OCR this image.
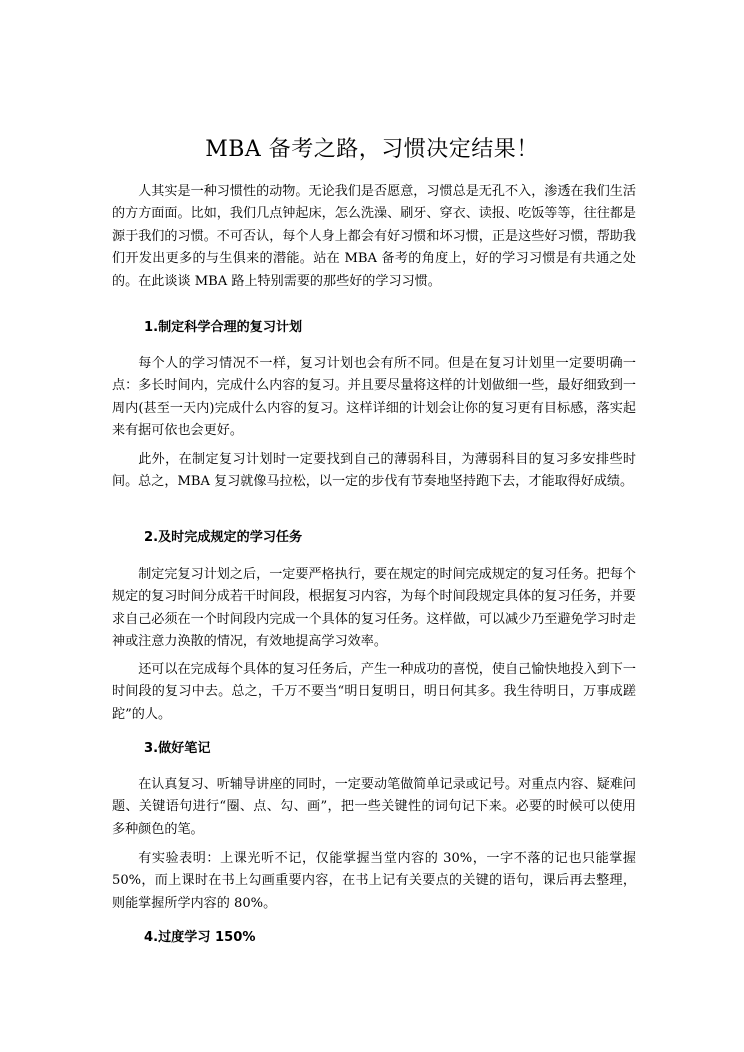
MBA 备考之路，习惯决定结果！

人其实是一种习惯性的动物。无论我们是否愿意，习惯总是无孔不入，渗透在我们生活的方方面面。比如，我们几点钟起床，怎么洗澡、刷牙、穿衣、读报、吃饭等等，往往都是源于我们的习惯。不可否认，每个人身上都会有好习惯和坏习惯，正是这些好习惯，帮助我们开发出更多的与生俱来的潜能。站在 MBA 备考的角度上，好的学习习惯是有共通之处的。在此谈谈 MBA 路上特别需要的那些好的学习习惯。

1.制定科学合理的复习计划

每个人的学习情况不一样，复习计划也会有所不同。但是在复习计划里一定要明确一点：多长时间内，完成什么内容的复习。并且要尽量将这样的计划做细一些，最好细致到一周内(甚至一天内)完成什么内容的复习。这样详细的计划会让你的复习更有目标感，落实起来有据可依也会更好。

此外，在制定复习计划时一定要找到自己的薄弱科目，为薄弱科目的复习多安排些时间。总之，MBA 复习就像马拉松，以一定的步伐有节奏地坚持跑下去，才能取得好成绩。

2.及时完成规定的学习任务

制定完复习计划之后，一定要严格执行，要在规定的时间完成规定的复习任务。把每个规定的复习时间分成若干时间段，根据复习内容，为每个时间段规定具体的复习任务，并要求自己必须在一个时间段内完成一个具体的复习任务。这样做，可以减少乃至避免学习时走神或注意力涣散的情况，有效地提高学习效率。

还可以在完成每个具体的复习任务后，产生一种成功的喜悦，使自己愉快地投入到下一时间段的复习中去。总之，千万不要当“明日复明日，明日何其多。我生待明日，万事成蹉跎”的人。

3.做好笔记

在认真复习、听辅导讲座的同时，一定要动笔做简单记录或记号。对重点内容、疑难问题、关键语句进行“圈、点、勾、画”，把一些关键性的词句记下来。必要的时候可以使用多种颜色的笔。

有实验表明：上课光听不记，仅能掌握当堂内容的 30%，一字不落的记也只能掌握 50%，而上课时在书上勾画重要内容，在书上记有关要点的关键的语句，课后再去整理，则能掌握所学内容的 80%。

4.过度学习 150%
